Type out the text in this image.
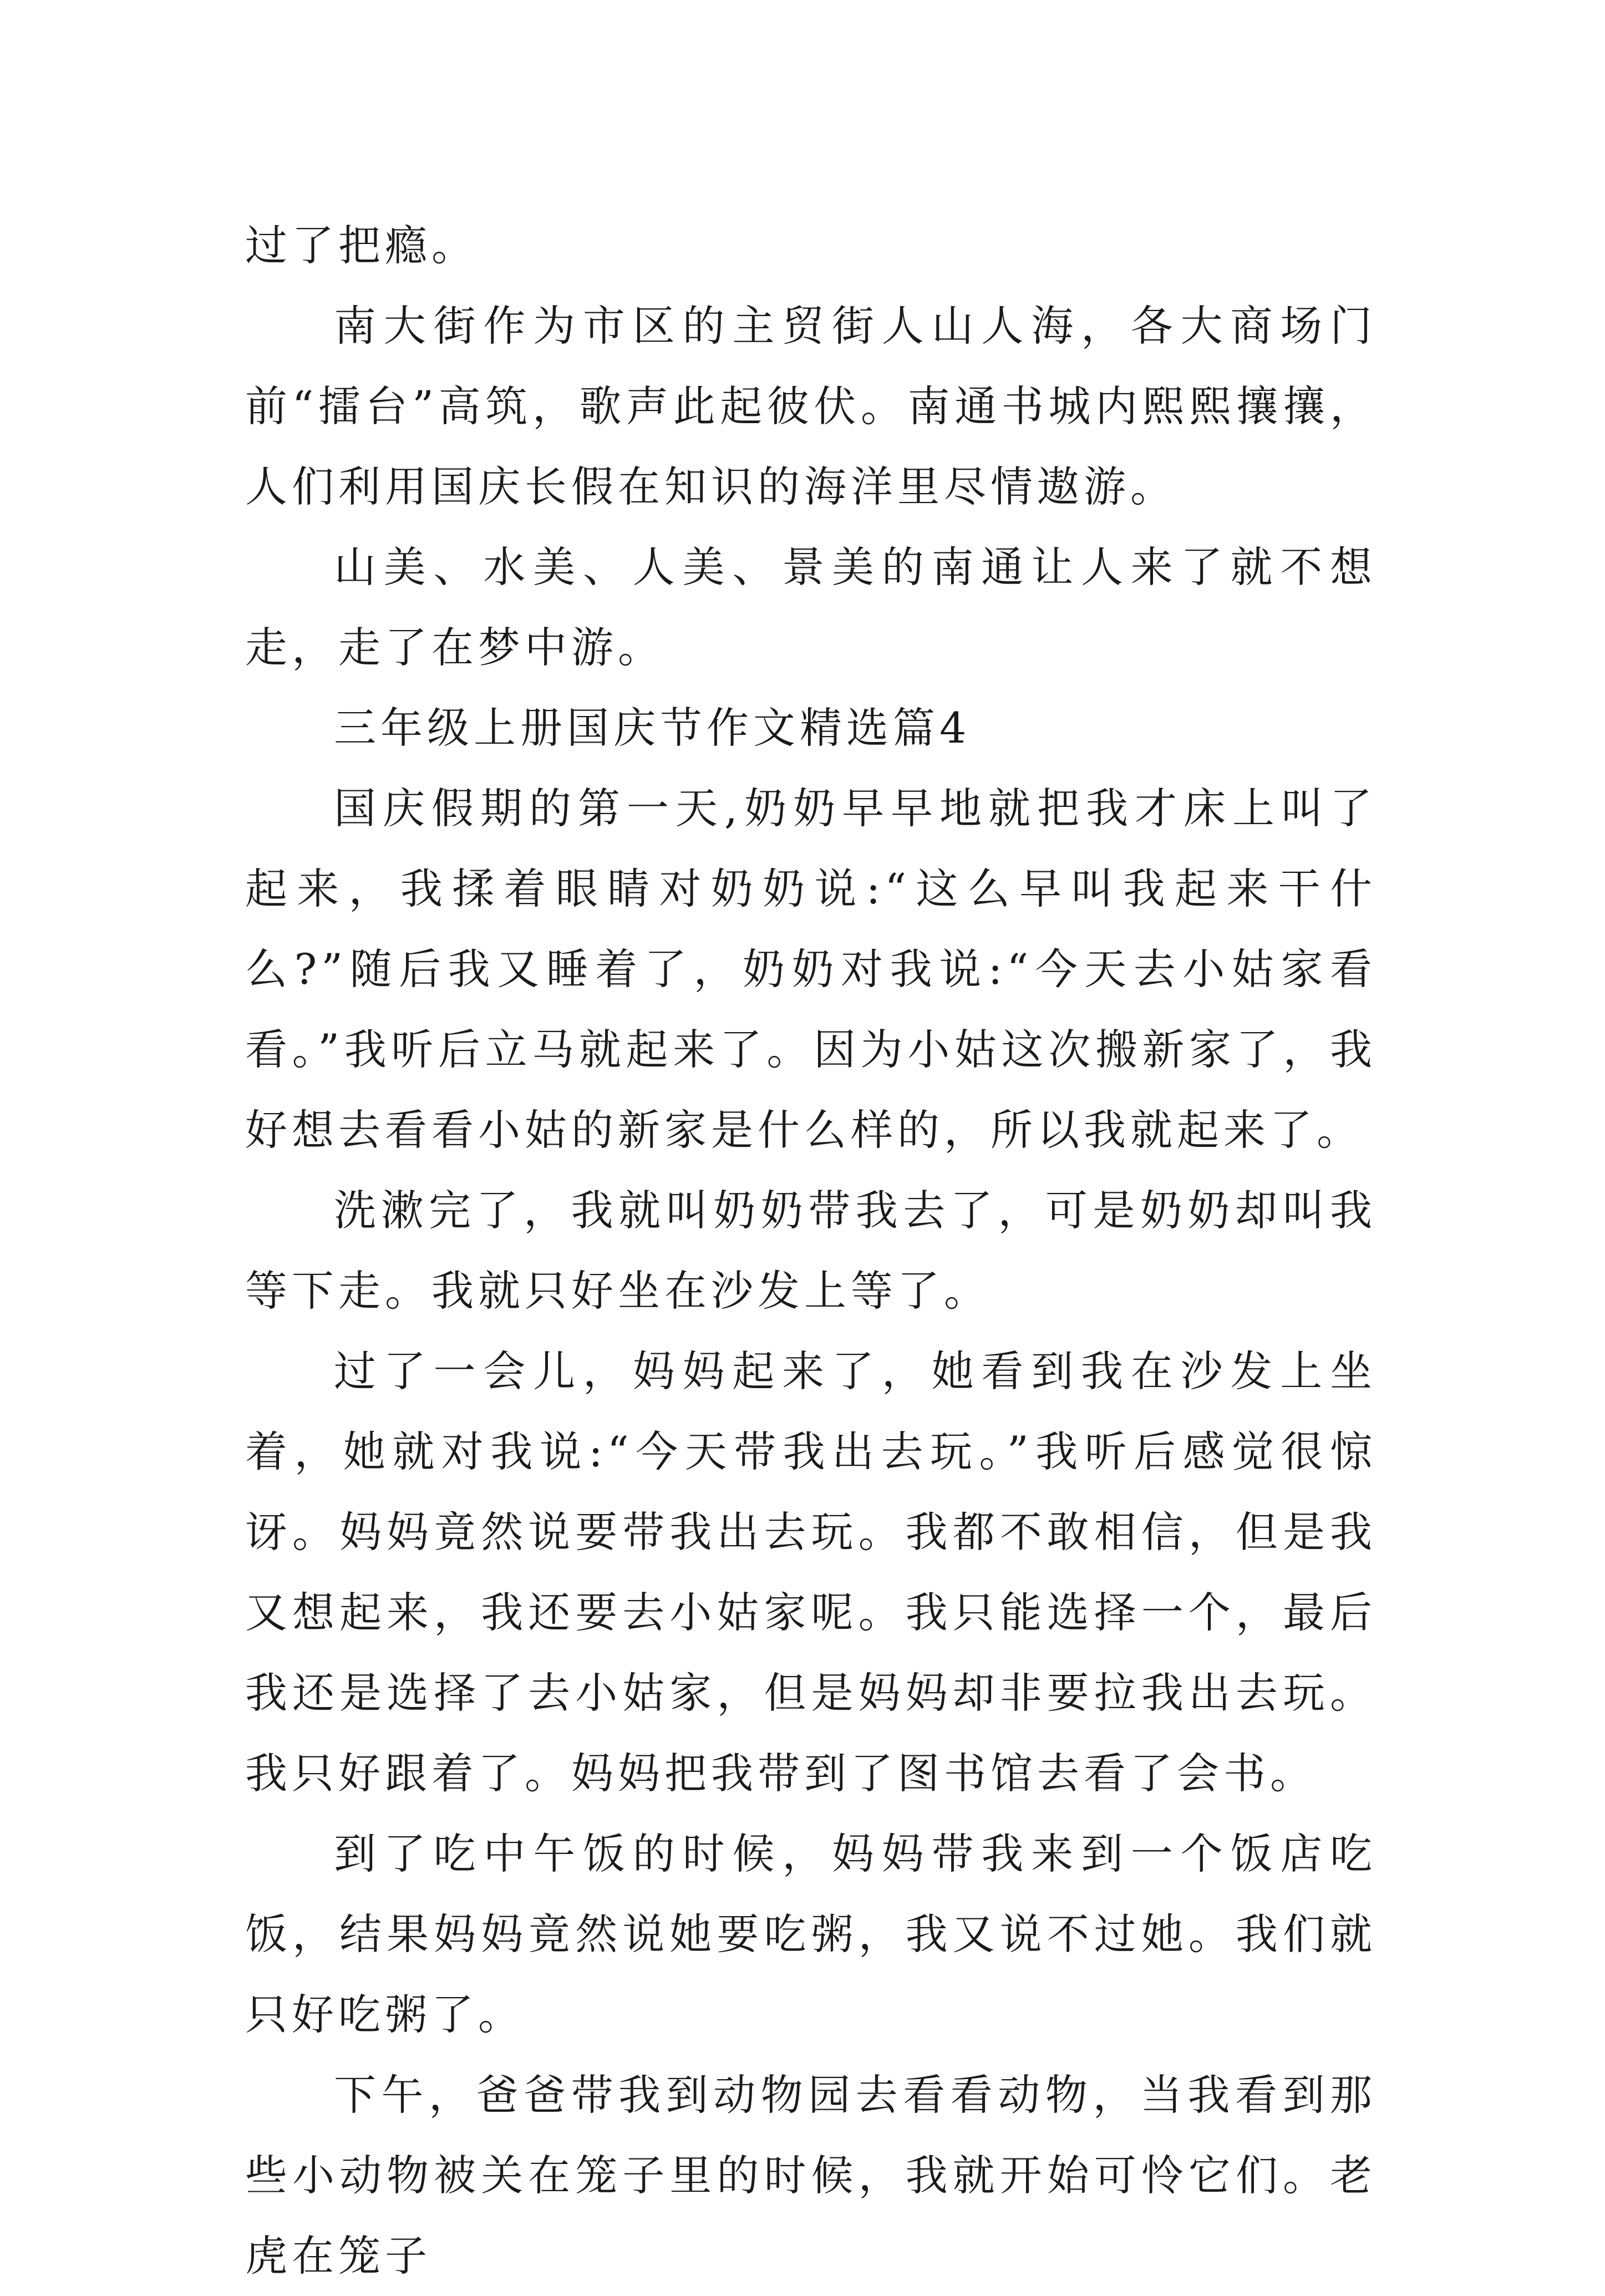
过了把瘾。

南大街作为市区的主贸街人山人海，各大商场门前“擂台”高筑，歌声此起彼伏。南通书城内熙熙攘攘，人们利用国庆长假在知识的海洋里尽情遨游。

山美、水美、人美、景美的南通让人来了就不想走，走了在梦中游。

三年级上册国庆节作文精选篇4

国庆假期的第一天,奶奶早早地就把我才床上叫了起来，我揉着眼睛对奶奶说:“这么早叫我起来干什么?”随后我又睡着了，奶奶对我说:“今天去小姑家看看。”我听后立马就起来了。因为小姑这次搬新家了，我好想去看看小姑的新家是什么样的，所以我就起来了。

洗漱完了，我就叫奶奶带我去了，可是奶奶却叫我等下走。我就只好坐在沙发上等了。

过了一会儿，妈妈起来了，她看到我在沙发上坐着，她就对我说:“今天带我出去玩。”我听后感觉很惊讶。妈妈竟然说要带我出去玩。我都不敢相信，但是我又想起来，我还要去小姑家呢。我只能选择一个，最后我还是选择了去小姑家，但是妈妈却非要拉我出去玩。我只好跟着了。妈妈把我带到了图书馆去看了会书。

到了吃中午饭的时候，妈妈带我来到一个饭店吃饭，结果妈妈竟然说她要吃粥，我又说不过她。我们就只好吃粥了。

下午，爸爸带我到动物园去看看动物，当我看到那些小动物被关在笼子里的时候，我就开始可怜它们。老虎在笼子
